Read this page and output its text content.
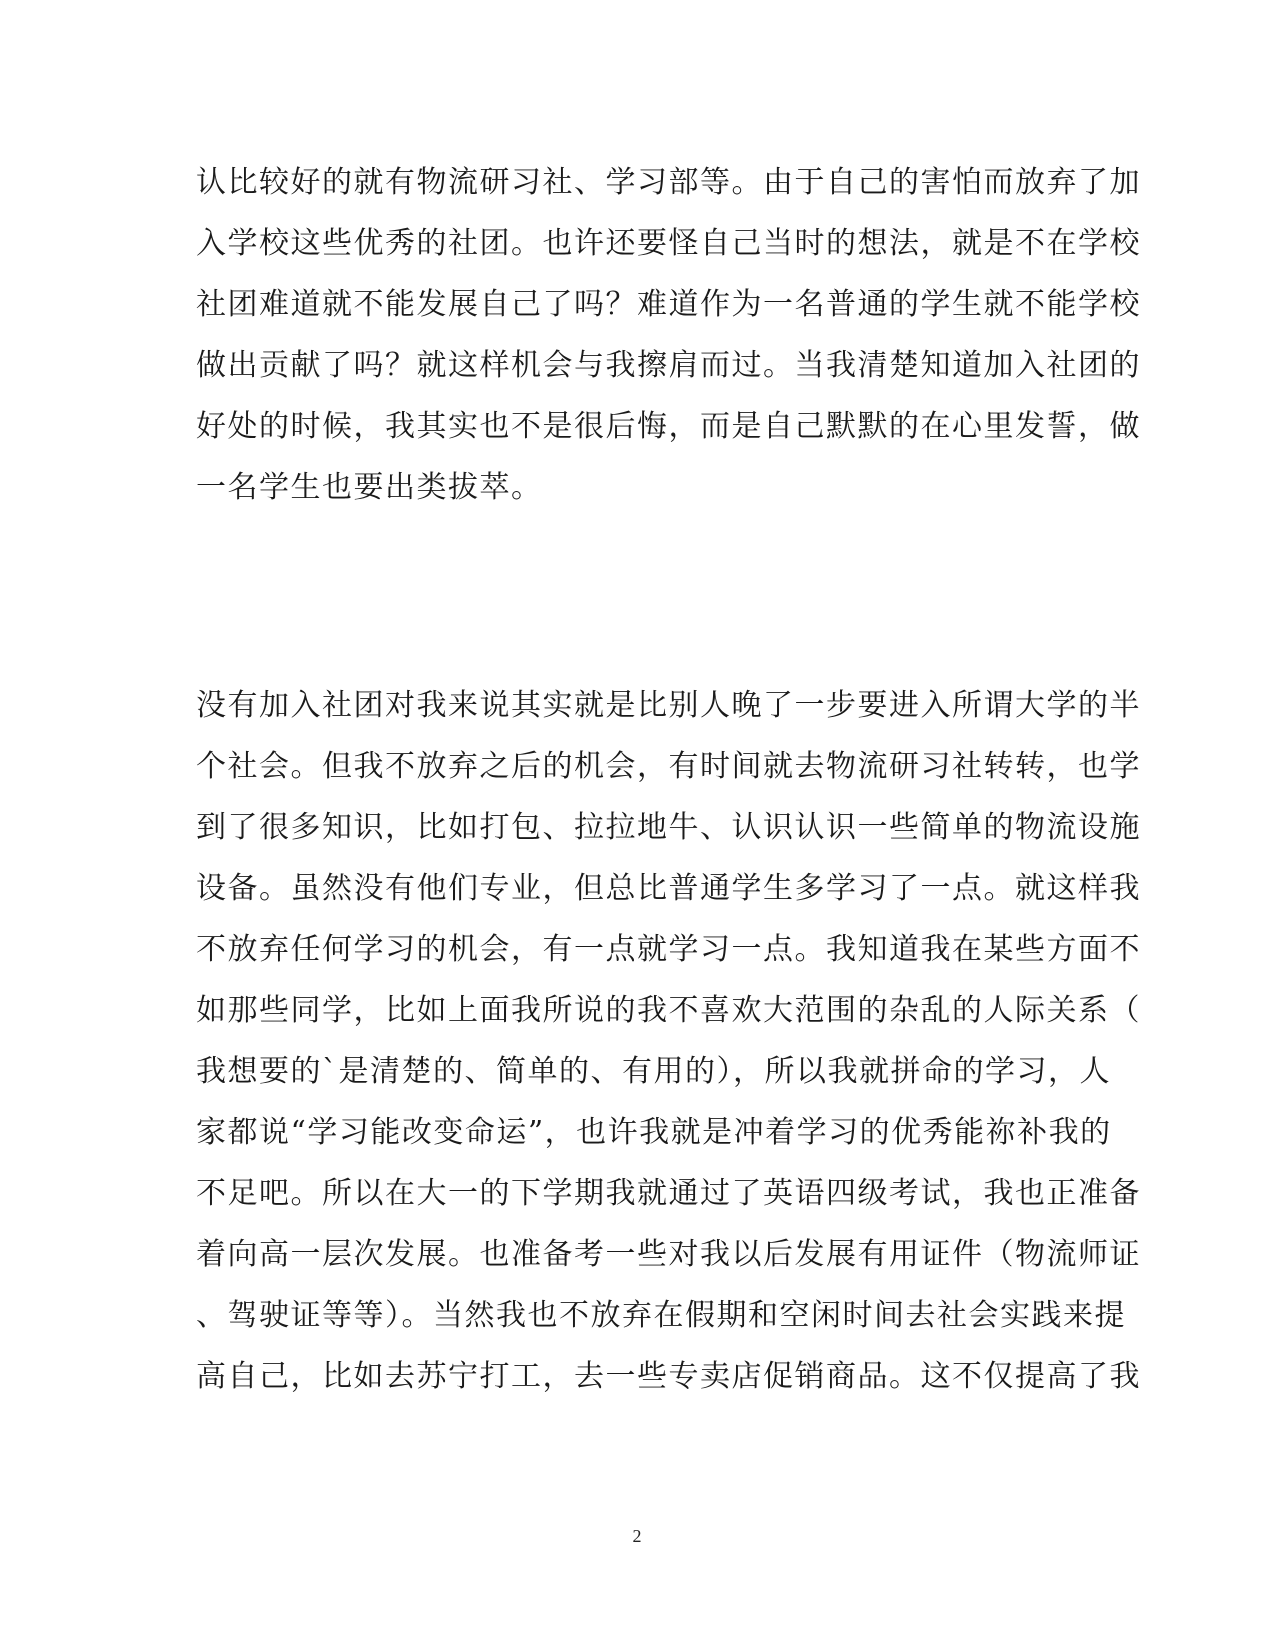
认比较好的就有物流研习社、学习部等。由于自己的害怕而放弃了加
入学校这些优秀的社团。也许还要怪自己当时的想法，就是不在学校
社团难道就不能发展自己了吗？难道作为一名普通的学生就不能学校
做出贡献了吗？就这样机会与我擦肩而过。当我清楚知道加入社团的
好处的时候，我其实也不是很后悔，而是自己默默的在心里发誓，做
一名学生也要出类拔萃。
没有加入社团对我来说其实就是比别人晚了一步要进入所谓大学的半
个社会。但我不放弃之后的机会，有时间就去物流研习社转转，也学
到了很多知识，比如打包、拉拉地牛、认识认识一些简单的物流设施
设备。虽然没有他们专业，但总比普通学生多学习了一点。就这样我
不放弃任何学习的机会，有一点就学习一点。我知道我在某些方面不
如那些同学，比如上面我所说的我不喜欢大范围的杂乱的人际关系（
我想要的`是清楚的、简单的、有用的），所以我就拼命的学习，人
家都说“学习能改变命运”，也许我就是冲着学习的优秀能祢补我的
不足吧。所以在大一的下学期我就通过了英语四级考试，我也正准备
着向高一层次发展。也准备考一些对我以后发展有用证件（物流师证
、驾驶证等等）。当然我也不放弃在假期和空闲时间去社会实践来提
高自己，比如去苏宁打工，去一些专卖店促销商品。这不仅提高了我
2
